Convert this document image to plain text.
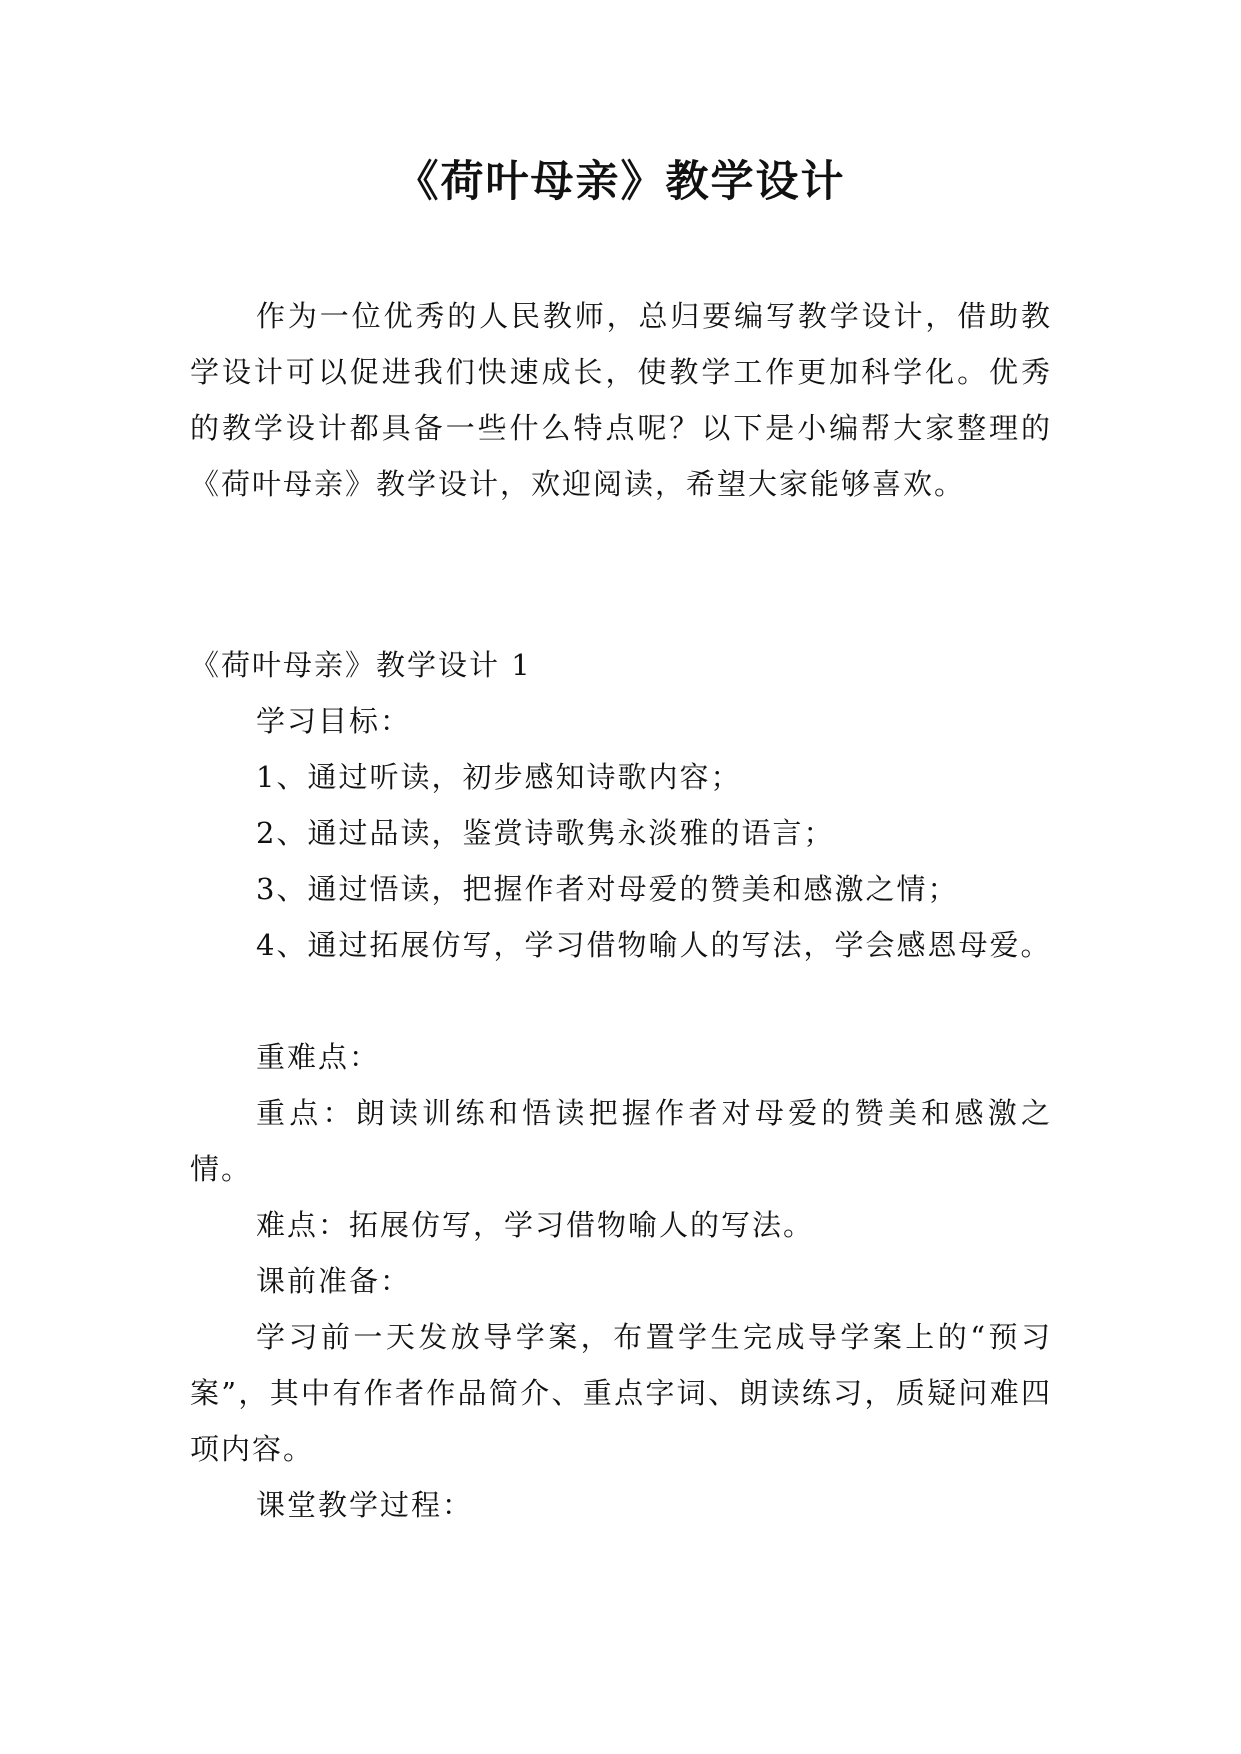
《荷叶母亲》教学设计

作为一位优秀的人民教师，总归要编写教学设计，借助教学设计可以促进我们快速成长，使教学工作更加科学化。优秀的教学设计都具备一些什么特点呢？以下是小编帮大家整理的《荷叶母亲》教学设计，欢迎阅读，希望大家能够喜欢。

《荷叶母亲》教学设计 1

学习目标：

1、通过听读，初步感知诗歌内容；

2、通过品读，鉴赏诗歌隽永淡雅的语言；

3、通过悟读，把握作者对母爱的赞美和感激之情；

4、通过拓展仿写，学习借物喻人的写法，学会感恩母爱。

重难点：

重点：朗读训练和悟读把握作者对母爱的赞美和感激之情。

难点：拓展仿写，学习借物喻人的写法。

课前准备：

学习前一天发放导学案，布置学生完成导学案上的“预习案”，其中有作者作品简介、重点字词、朗读练习，质疑问难四项内容。

课堂教学过程：
